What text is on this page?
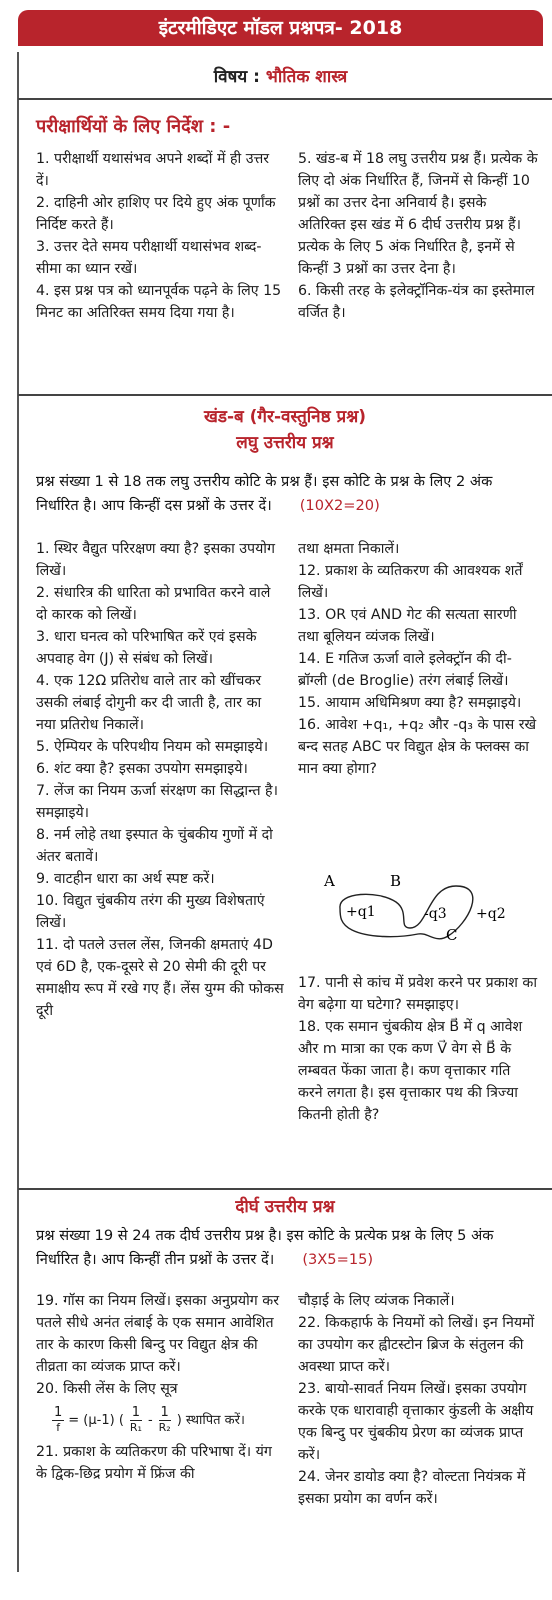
इंटरमीडिएट मॉडल प्रश्नपत्र- 2018
विषय : भौतिक शास्त्र
परीक्षार्थियों के लिए निर्देश : -

1. परीक्षार्थी यथासंभव अपने शब्दों में ही उत्तर दें।

2. दाहिनी ओर हाशिए पर दिये हुए अंक पूर्णांक निर्दिष्ट करते हैं।

3. उत्तर देते समय परीक्षार्थी यथासंभव शब्द-सीमा का ध्यान रखें।

4. इस प्रश्न पत्र को ध्यानपूर्वक पढ़ने के लिए 15 मिनट का अतिरिक्त समय दिया गया है।

5. खंड-ब में 18 लघु उत्तरीय प्रश्न हैं। प्रत्येक के लिए दो अंक निर्धारित हैं, जिनमें से किन्हीं 10 प्रश्नों का उत्तर देना अनिवार्य है। इसके अतिरिक्त इस खंड में 6 दीर्घ उत्तरीय प्रश्न हैं। प्रत्येक के लिए 5 अंक निर्धारित है, इनमें से किन्हीं 3 प्रश्नों का उत्तर देना है।

6. किसी तरह के इलेक्ट्रॉनिक-यंत्र का इस्तेमाल वर्जित है।

खंड-ब (गैर-वस्तुनिष्ठ प्रश्न)
लघु उत्तरीय प्रश्न
प्रश्न संख्या 1 से 18 तक लघु उत्तरीय कोटि के प्रश्न हैं। इस कोटि के प्रश्न के लिए 2 अंक निर्धारित है। आप किन्हीं दस प्रश्नों के उत्तर दें। (10X2=20)

1. स्थिर वैद्युत परिरक्षण क्या है? इसका उपयोग लिखें।

2. संधारित्र की धारिता को प्रभावित करने वाले दो कारक को लिखें।

3. धारा घनत्व को परिभाषित करें एवं इसके अपवाह वेग (J) से संबंध को लिखें।

4. एक 12Ω प्रतिरोध वाले तार को खींचकर उसकी लंबाई दोगुनी कर दी जाती है, तार का नया प्रतिरोध निकालें।

5. ऐम्पियर के परिपथीय नियम को समझाइये।

6. शंट क्या है? इसका उपयोग समझाइये।

7. लेंज का नियम ऊर्जा संरक्षण का सिद्धान्त है। समझाइये।

8. नर्म लोहे तथा इस्पात के चुंबकीय गुणों में दो अंतर बतावें।

9. वाटहीन धारा का अर्थ स्पष्ट करें।

10. विद्युत चुंबकीय तरंग की मुख्य विशेषताएं लिखें।

11. दो पतले उत्तल लेंस, जिनकी क्षमताएं 4D एवं 6D है, एक-दूसरे से 20 सेमी की दूरी पर समाक्षीय रूप में रखे गए हैं। लेंस युग्म की फोकस दूरी

तथा क्षमता निकालें।

12. प्रकाश के व्यतिकरण की आवश्यक शर्तें लिखें।

13. OR एवं AND गेट की सत्यता सारणी तथा बूलियन व्यंजक लिखें।

14. E गतिज ऊर्जा वाले इलेक्ट्रॉन की दी-ब्रॉग्ली (de Broglie) तरंग लंबाई लिखें।

15. आयाम अधिमिश्रण क्या है? समझाइये।

16. आवेश +q₁, +q₂ और -q₃ के पास रखे बन्द सतह ABC पर विद्युत क्षेत्र के फ्लक्स का मान क्या होगा?

A	B
C
+q1	-q3 +q2

17. पानी से कांच में प्रवेश करने पर प्रकाश का वेग बढ़ेगा या घटेगा? समझाइए।

18. एक समान चुंबकीय क्षेत्र B⃗ में q आवेश और m मात्रा का एक कण V⃗ वेग से B⃗ के लम्बवत फेंका जाता है। कण वृत्ताकार गति करने लगता है। इस वृत्ताकार पथ की त्रिज्या कितनी होती है?

दीर्घ उत्तरीय प्रश्न
प्रश्न संख्या 19 से 24 तक दीर्घ उत्तरीय प्रश्न है। इस कोटि के प्रत्येक प्रश्न के लिए 5 अंक निर्धारित है। आप किन्हीं तीन प्रश्नों के उत्तर दें। (3X5=15)

19. गॉस का नियम लिखें। इसका अनुप्रयोग कर पतले सीधे अनंत लंबाई के एक समान आवेशित तार के कारण किसी बिन्दु पर विद्युत क्षेत्र की तीव्रता का व्यंजक प्राप्त करें।

20. किसी लेंस के लिए सूत्र

$\frac{1}{f} = (\mu-1)$ ( $\frac{1}{\text{R₁}} - \frac{1}{\text{R₂}}$ ) स्थापित करें।

21. प्रकाश के व्यतिकरण की परिभाषा दें। यंग के द्विक-छिद्र प्रयोग में फ्रिंज की

चौड़ाई के लिए व्यंजक निकालें।

22. किकहार्फ के नियमों को लिखें। इन नियमों का उपयोग कर ह्वीटस्टोन ब्रिज के संतुलन की अवस्था प्राप्त करें।

23. बायो-सावर्त नियम लिखें। इसका उपयोग करके एक धारावाही वृत्ताकार कुंडली के अक्षीय एक बिन्दु पर चुंबकीय प्रेरण का व्यंजक प्राप्त करें।

24. जेनर डायोड क्या है? वोल्टता नियंत्रक में इसका प्रयोग का वर्णन करें।
